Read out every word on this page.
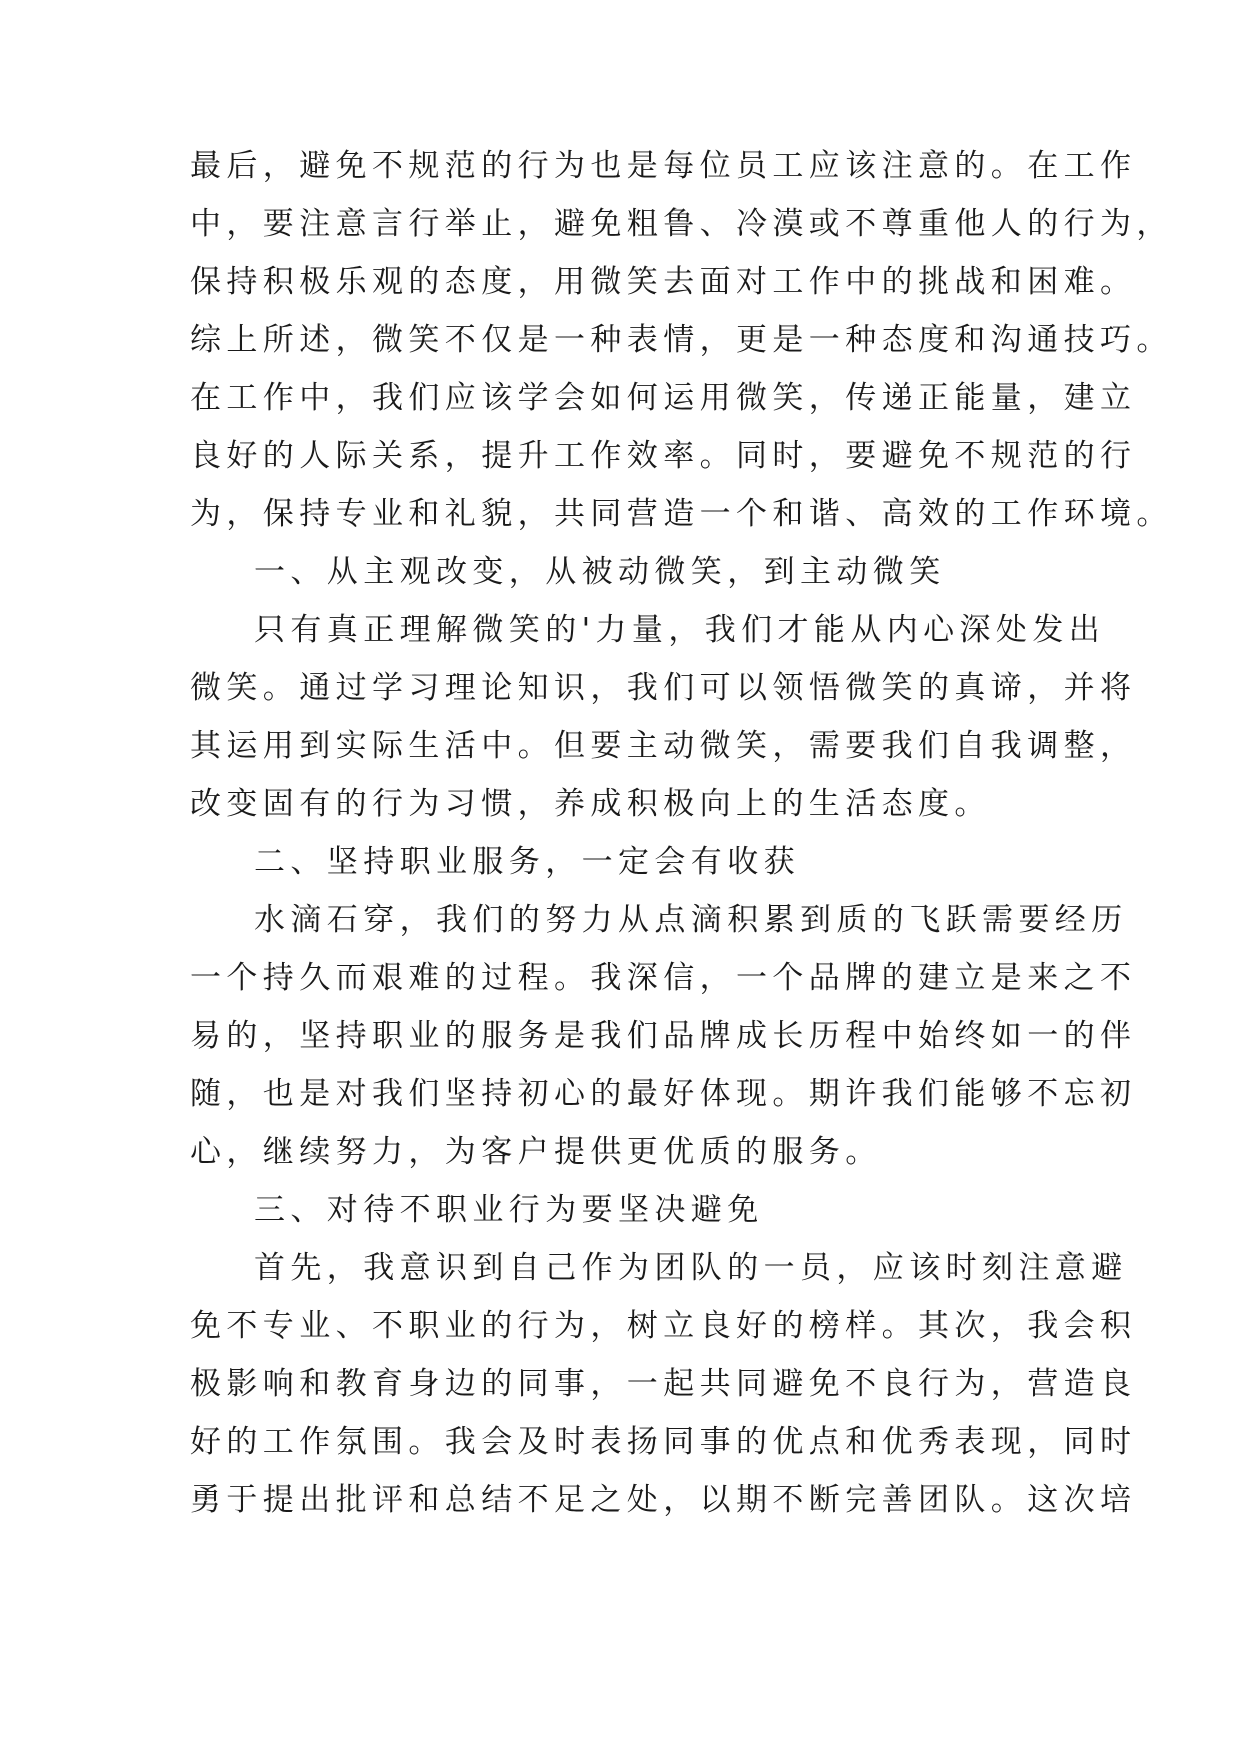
最后，避免不规范的行为也是每位员工应该注意的。在工作
中，要注意言行举止，避免粗鲁、冷漠或不尊重他人的行为，
保持积极乐观的态度，用微笑去面对工作中的挑战和困难。
综上所述，微笑不仅是一种表情，更是一种态度和沟通技巧。
在工作中，我们应该学会如何运用微笑，传递正能量，建立
良好的人际关系，提升工作效率。同时，要避免不规范的行
为，保持专业和礼貌，共同营造一个和谐、高效的工作环境。
一、从主观改变，从被动微笑，到主动微笑
只有真正理解微笑的'力量，我们才能从内心深处发出
微笑。通过学习理论知识，我们可以领悟微笑的真谛，并将
其运用到实际生活中。但要主动微笑，需要我们自我调整，
改变固有的行为习惯，养成积极向上的生活态度。
二、坚持职业服务，一定会有收获
水滴石穿，我们的努力从点滴积累到质的飞跃需要经历
一个持久而艰难的过程。我深信，一个品牌的建立是来之不
易的，坚持职业的服务是我们品牌成长历程中始终如一的伴
随，也是对我们坚持初心的最好体现。期许我们能够不忘初
心，继续努力，为客户提供更优质的服务。
三、对待不职业行为要坚决避免
首先，我意识到自己作为团队的一员，应该时刻注意避
免不专业、不职业的行为，树立良好的榜样。其次，我会积
极影响和教育身边的同事，一起共同避免不良行为，营造良
好的工作氛围。我会及时表扬同事的优点和优秀表现，同时
勇于提出批评和总结不足之处，以期不断完善团队。这次培
